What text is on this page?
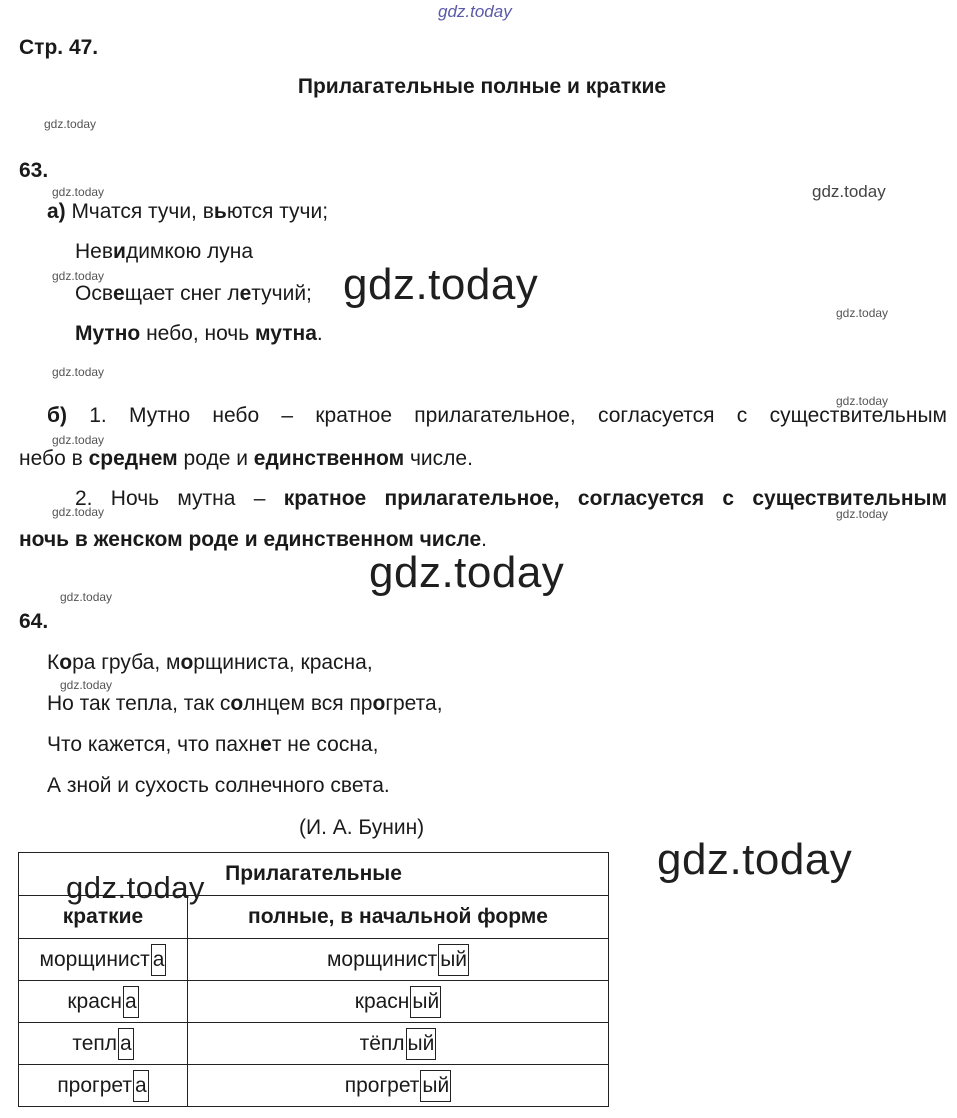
gdz.today
gdz.today
gdz.today	gdz.today
gdz.today	gdz.today
gdz.today
gdz.today
gdz.today
gdz.today
gdz.today	gdz.today
gdz.today
gdz.today
gdz.today
gdz.today
Стр. 47.
Прилагательные полные и краткие
63.
а) Мчатся тучи, вьются тучи;
Невидимкою луна
Освещает снег летучий;
Мутно небо, ночь мутна.
б) 1. Мутно небо – кратное прилагательное, согласуется с существительным
небо в среднем роде и единственном числе.
2. Ночь мутна – кратное прилагательное, согласуется с существительным
ночь в женском роде и единственном числе.
64.
Кора груба, морщиниста, красна,
Но так тепла, так солнцем вся прогрета,
Что кажется, что пахнет не сосна,
А зной и сухость солнечного света.
(И. А. Бунин)
Прилагательные	
краткие	полные, в начальной форме
морщинист а	морщинист ый
красн а	красн ый
тепл а	тёпл ый
прогрет а	прогрет ый
gdz.today
